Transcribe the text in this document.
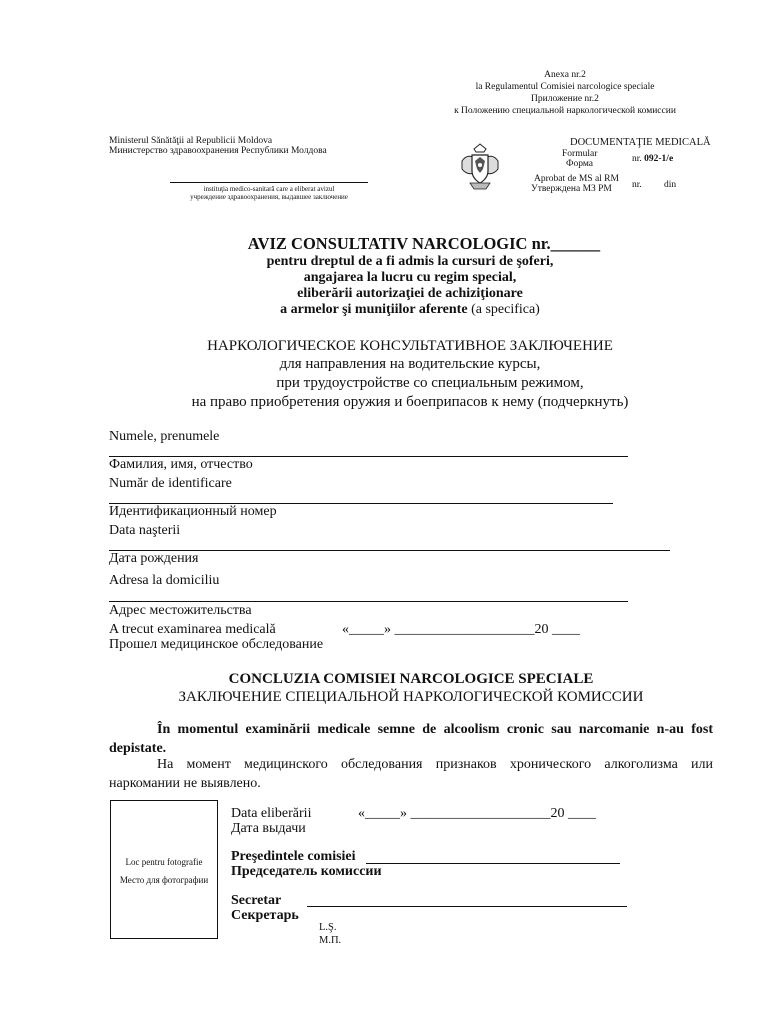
Anexa nr.2
la Regulamentul Comisiei narcologice speciale
Приложение nr.2
к Положению специальной наркологической комиссии
Ministerul Sănătăţii al Republicii Moldova
Министерство здравоохранения Республики Молдова
instituţia medico-sanitară care a eliberat avizul
учреждение здравоохранения, выдавшее заключение
DOCUMENTAŢIE MEDICALĂ
Formular
Форма	nr. 092-1/e
Aprobat de MS al RM
Утверждена МЗ РМ nr. din
AVIZ CONSULTATIV NARCOLOGIC nr.______
pentru dreptul de a fi admis la cursuri de şoferi,
angajarea la lucru cu regim special,
eliberării autorizaţiei de achiziţionare
a armelor şi muniţiilor aferente (a specifica)
НАРКОЛОГИЧЕСКОЕ КОНСУЛЬТАТИВНОЕ ЗАКЛЮЧЕНИЕ
для направления на водительские курсы,
при трудоустройстве со специальным режимом,
на право приобретения оружия и боеприпасов к нему (подчеркнуть)
Numele, prenumele
Фамилия, имя, отчество
Număr de identificare
Идентификационный номер
Data naşterii
Дата рождения
Adresa la domiciliu
Адрес местожительства
A trecut examinarea medicală	«_____» ____________________20 ____
Прошел медицинское обследование
CONCLUZIA COMISIEI NARCOLOGICE SPECIALE
ЗАКЛЮЧЕНИЕ СПЕЦИАЛЬНОЙ НАРКОЛОГИЧЕСКОЙ КОМИССИИ
În momentul examinării medicale semne de alcoolism cronic sau narcomanie n-au fost depistate.
На момент медицинского обследования признаков хронического алкоголизма или наркомании не выявлено.
Loc pentru fotografie
Место для фотографии
Data eliberării	«_____» ____________________20 ____
Дата выдачи
Preşedintele comisiei
Председатель комиссии
Secretar
Секретарь
L.Ş.
М.П.
